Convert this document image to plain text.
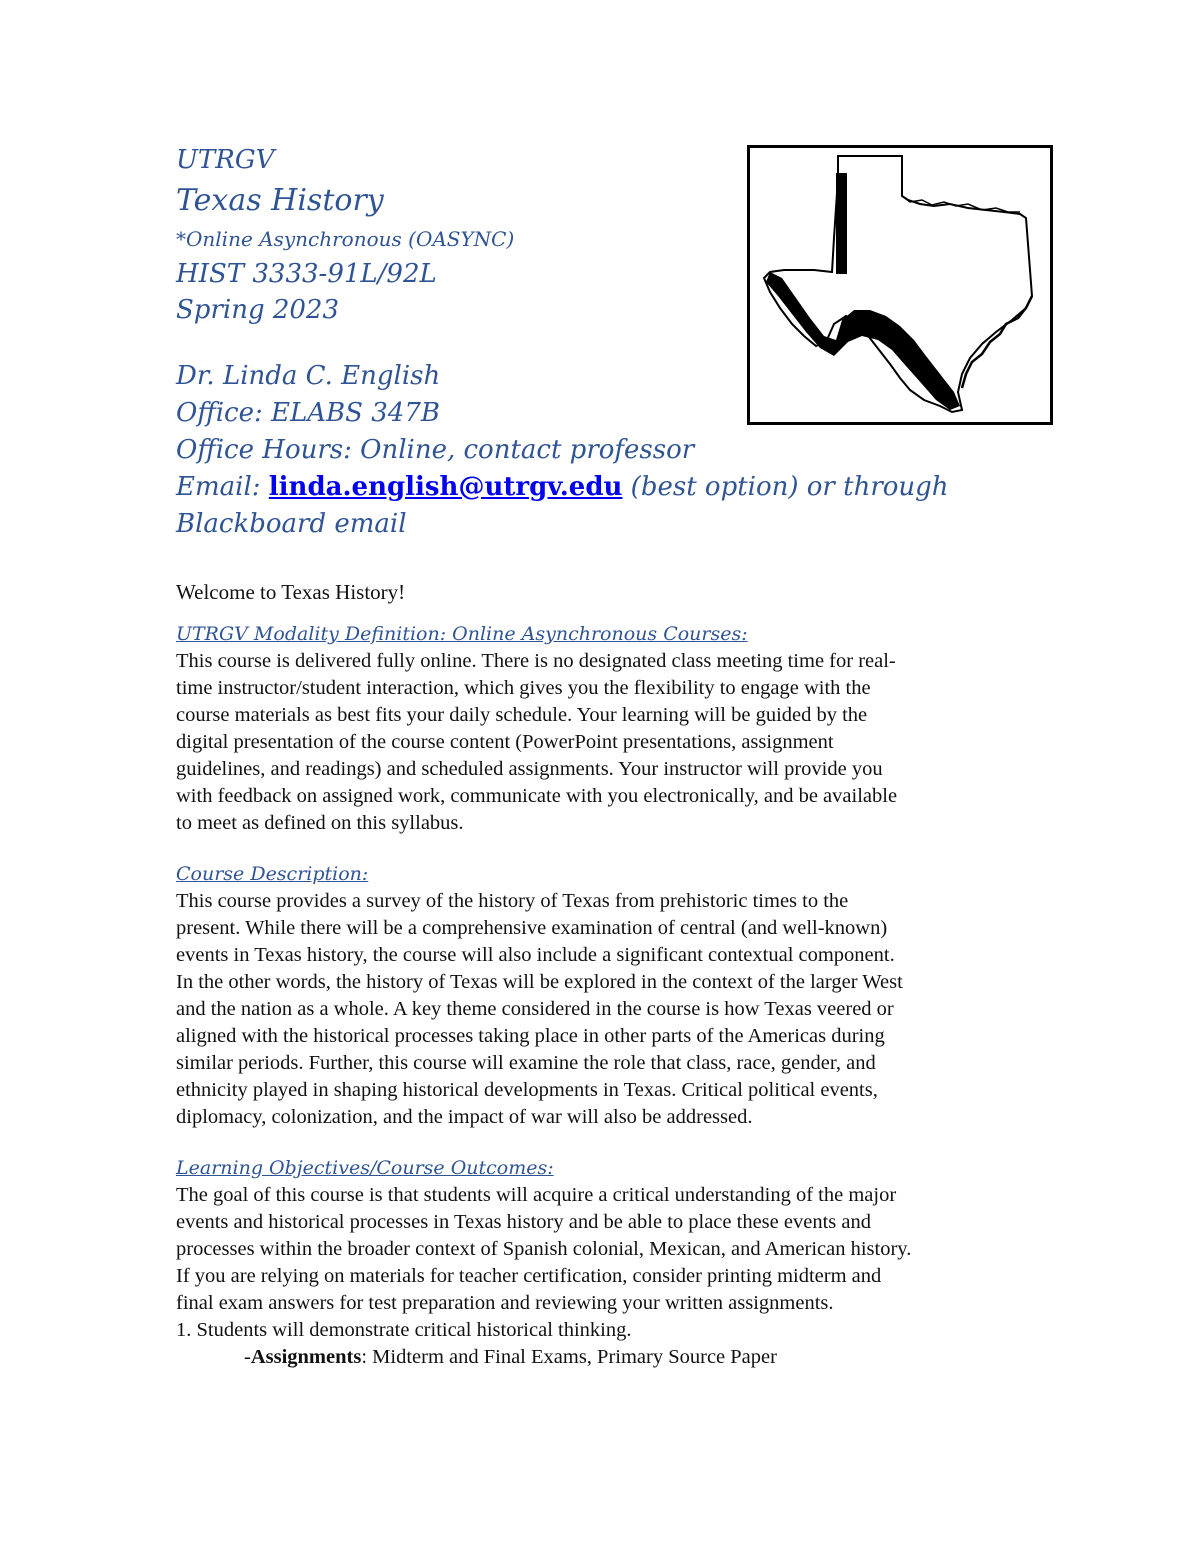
UTRGV
Texas History
*Online Asynchronous (OASYNC)
HIST 3333-91L/92L
Spring 2023
Dr. Linda C. English
Office: ELABS 347B
Office Hours: Online, contact professor
Email: linda.english@utrgv.edu (best option) or through
Blackboard email

Welcome to Texas History!

UTRGV Modality Definition: Online Asynchronous Courses:
This course is delivered fully online. There is no designated class meeting time for real-
time instructor/student interaction, which gives you the flexibility to engage with the
course materials as best fits your daily schedule. Your learning will be guided by the
digital presentation of the course content (PowerPoint presentations, assignment
guidelines, and readings) and scheduled assignments. Your instructor will provide you
with feedback on assigned work, communicate with you electronically, and be available
to meet as defined on this syllabus.
Course Description:
This course provides a survey of the history of Texas from prehistoric times to the
present. While there will be a comprehensive examination of central (and well-known)
events in Texas history, the course will also include a significant contextual component.
In the other words, the history of Texas will be explored in the context of the larger West
and the nation as a whole. A key theme considered in the course is how Texas veered or
aligned with the historical processes taking place in other parts of the Americas during
similar periods. Further, this course will examine the role that class, race, gender, and
ethnicity played in shaping historical developments in Texas. Critical political events,
diplomacy, colonization, and the impact of war will also be addressed.
Learning Objectives/Course Outcomes:
The goal of this course is that students will acquire a critical understanding of the major
events and historical processes in Texas history and be able to place these events and
processes within the broader context of Spanish colonial, Mexican, and American history.
If you are relying on materials for teacher certification, consider printing midterm and
final exam answers for test preparation and reviewing your written assignments.
1. Students will demonstrate critical historical thinking.
-Assignments: Midterm and Final Exams, Primary Source Paper
